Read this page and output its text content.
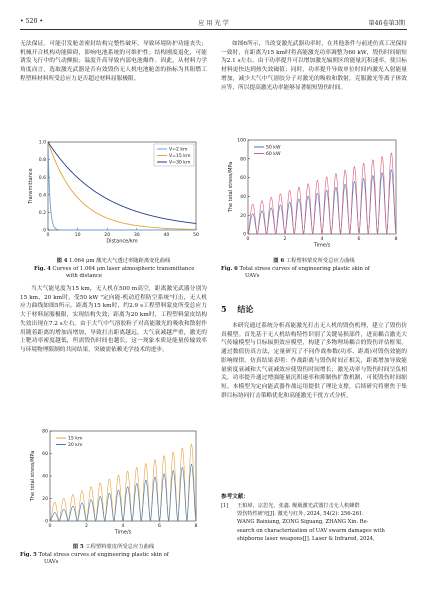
• 520 •	应 用 光 学	第46卷第3期

无法保证。可能引发舱盖密封结构完整性破坏，导致环境防护功能丧失；机械开合机构功能障碍，影响电池系统的可维护性；结构刚度退化，可能诱发飞行中的气动颤振；温度升高导致内部电池爆炸。因此，从材料力学角度而言，选取激光武器是否有效毁伤无人机电池舱盖的指标为其阻燃工程塑料材料所受总应力是否超过材料屈服极限。

0	10	20	30	40	50
0
0.2
0.4
0.6
0.8
1.0
Distance/km
Transmittance
V=2 km
V=15 km
V=30 km
图 4 1.064 μm 激光大气透过率随距离变化曲线
Fig. 4 Curves of 1.064 μm laser atmospheric transmittance
with distance

当大气能见度为15 km，无人机在500 m高空，距离激光武器分别为15 km、20 km时，受50 kW "定向能-机动近程防空系统"打击，无人机应力曲线如图5所示。距离为15 km时，约2.9 s工程塑料蒙皮所受总应力大于材料屈服极限，实现结构失效；距离为20 km时，工程塑料蒙皮结构失效出现在7.2 s左右。由于大气中气溶胶粒子对高能激光的吸收和散射作用随着距离的增加而增加，导致打击距离越远，大气衰减越严重，激光的上靶功率密度越低，所需毁伤时间也越长，这一现象本质是能量传输效率与环境物理限制的共同结果，突破需依赖光学技术的进步。

0	2	4	6	8
0
20
40
60
80
Time/s
The total stress/MPa
15 km
20 km
图 5 工程塑料蒙皮所受总应力曲线
Fig. 5 Total stress curves of engineering plastic skin of
UAVs

如图6所示，当改变激光武器功率时，在其他条件与前述仿真工况保持一致时，在距离为15 km时将高能激光功率调整为60 kW，毁伤时间缩短为2.1 s左右。由于功率提升可以增加激光辐照区的能量沉积速率，使目标材料更快达到热失效阈值；同时，功率提升导致单位时间内激光入射能量增加，减少大气中气溶胶分子对激光的吸收和散射，克服激光等离子体效应等，所以提高激光功率能够显著缩短毁伤时间。

0	2	4	6	8
0
20
40
60
80
100
Time/s
The total stress/MPa
50 kW
60 kW
图 6 工程塑料蒙皮所受总应力曲线
Fig. 6 Total stress curves of engineering plastic skin of
UAVs
5 结论

本研究通过系统分析高能激光打击无人机的毁伤机理，建立了毁伤仿真模型。首先基于无人机结构特性识别了关键易损部件，进而耦合激光大气传输模型与目标辐照效应模型，构建了多物理场耦合的毁伤评估框架。通过数值仿真方法，定量研究了不同作战参数(功率、距离)对毁伤效能的影响规律。仿真结果表明：作战距离与毁伤时间正相关，距离增加导致能量密度衰减和大气衰减效应使毁伤时间增长；激光功率与毁伤时间呈负相关，功率提升通过增强能量沉积速率和抑制热扩散机制，可使毁伤时间缩短。本模型为定向能武器作战运用提供了理论支撑，后续研究将聚焦于集群目标协同打击策略优化和高能激光干扰方式分析。

参考文献：
[1] 王柏璋，宗思光，张鑫. 舰载激光武器打击无人机蜂群
毁伤特性研究[J]. 激光与红外, 2024, 54(2): 256-261.
WANG Baixiang, ZONG Siguang, ZHANG Xin. Re-
search on characterization of UAV swarm damages with
shipborne laser weapons[J]. Laser & Infrared, 2024,
